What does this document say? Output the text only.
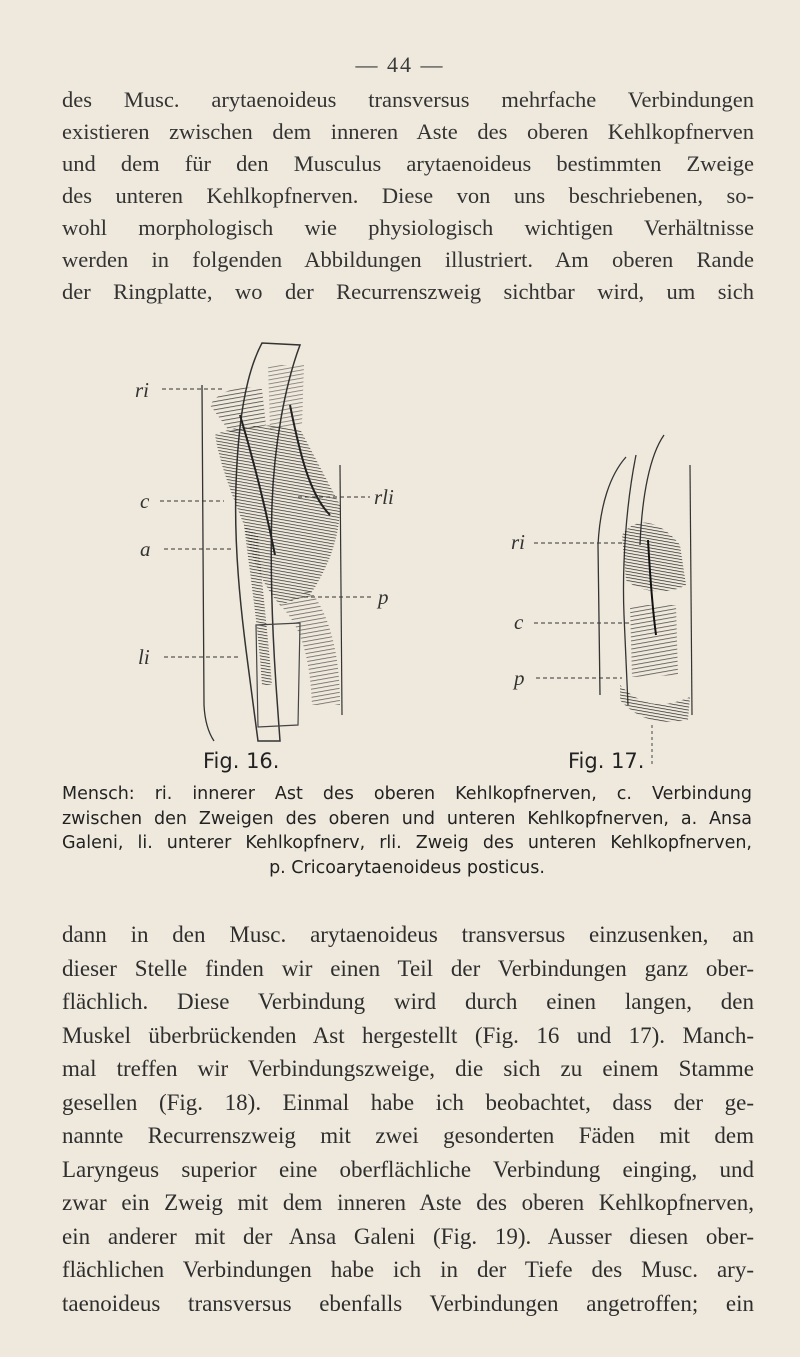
— 44 —
des Musc. arytaenoideus transversus mehrfache Verbindungen
existieren zwischen dem inneren Aste des oberen Kehlkopfnerven
und dem für den Musculus arytaenoideus bestimmten Zweige
des unteren Kehlkopfnerven. Diese von uns beschriebenen, so-
wohl morphologisch wie physiologisch wichtigen Verhältnisse
werden in folgenden Abbildungen illustriert. Am oberen Rande
der Ringplatte, wo der Recurrenszweig sichtbar wird, um sich
ri
c
a
li
rli
p
ri
c
p
Fig. 16.	Fig. 17.
Mensch: ri. innerer Ast des oberen Kehlkopfnerven, c. Verbindung
zwischen den Zweigen des oberen und unteren Kehlkopfnerven, a. Ansa
Galeni, li. unterer Kehlkopfnerv, rli. Zweig des unteren Kehlkopfnerven,
p. Cricoarytaenoideus posticus.
dann in den Musc. arytaenoideus transversus einzusenken, an
dieser Stelle finden wir einen Teil der Verbindungen ganz ober-
flächlich. Diese Verbindung wird durch einen langen, den
Muskel überbrückenden Ast hergestellt (Fig. 16 und 17). Manch-
mal treffen wir Verbindungszweige, die sich zu einem Stamme
gesellen (Fig. 18). Einmal habe ich beobachtet, dass der ge-
nannte Recurrenszweig mit zwei gesonderten Fäden mit dem
Laryngeus superior eine oberflächliche Verbindung einging, und
zwar ein Zweig mit dem inneren Aste des oberen Kehlkopfnerven,
ein anderer mit der Ansa Galeni (Fig. 19). Ausser diesen ober-
flächlichen Verbindungen habe ich in der Tiefe des Musc. ary-
taenoideus transversus ebenfalls Verbindungen angetroffen; ein
